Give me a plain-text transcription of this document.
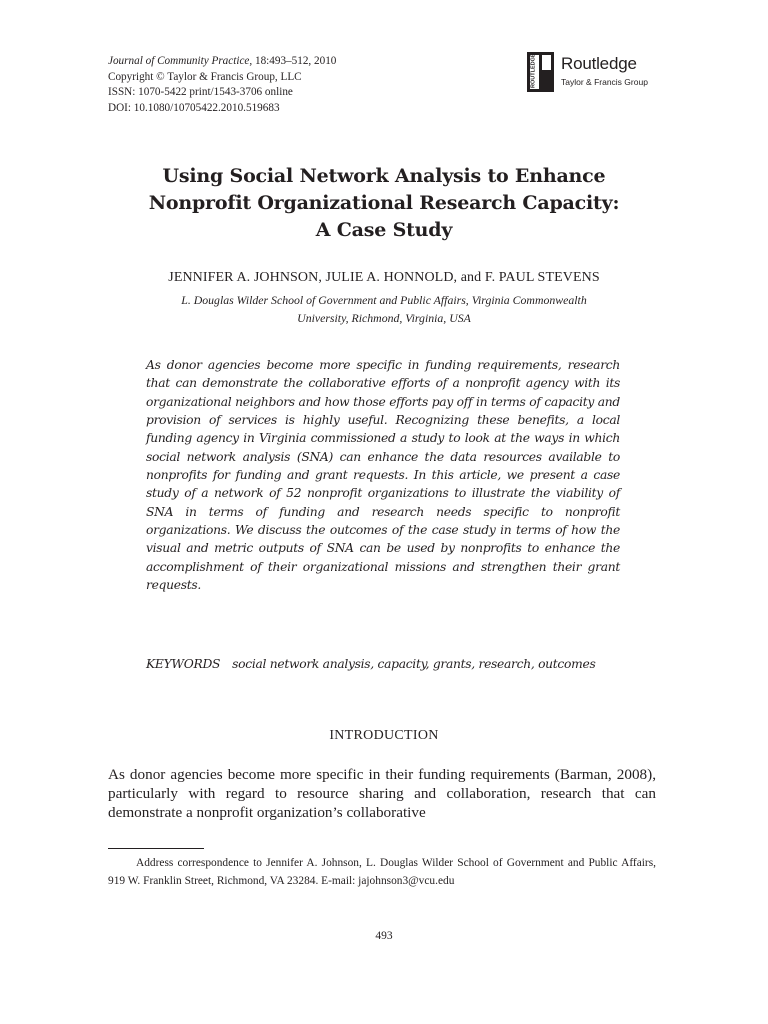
Journal of Community Practice, 18:493–512, 2010
Copyright © Taylor & Francis Group, LLC
ISSN: 1070-5422 print/1543-3706 online
DOI: 10.1080/10705422.2010.519683
ROUTLEDGE Routledge
Taylor & Francis Group
Using Social Network Analysis to Enhance
Nonprofit Organizational Research Capacity:
A Case Study
JENNIFER A. JOHNSON, JULIE A. HONNOLD, and F. PAUL STEVENS
L. Douglas Wilder School of Government and Public Affairs, Virginia Commonwealth
University, Richmond, Virginia, USA
As donor agencies become more specific in funding requirements, research that can demonstrate the collaborative efforts of a nonprofit agency with its organizational neighbors and how those efforts pay off in terms of capacity and provision of services is highly useful. Recognizing these benefits, a local funding agency in Virginia commissioned a study to look at the ways in which social network analysis (SNA) can enhance the data resources available to nonprofits for funding and grant requests. In this article, we present a case study of a network of 52 nonprofit organizations to illustrate the viability of SNA in terms of funding and research needs specific to nonprofit organizations. We discuss the outcomes of the case study in terms of how the visual and metric outputs of SNA can be used by nonprofits to enhance the accomplishment of their organizational missions and strengthen their grant requests.
KEYWORDS social network analysis, capacity, grants, research, outcomes
INTRODUCTION
As donor agencies become more specific in their funding requirements (Barman, 2008), particularly with regard to resource sharing and collaboration, research that can demonstrate a nonprofit organization’s collaborative
Address correspondence to Jennifer A. Johnson, L. Douglas Wilder School of Government and Public Affairs, 919 W. Franklin Street, Richmond, VA 23284. E-mail: jajohnson3@vcu.edu
493
